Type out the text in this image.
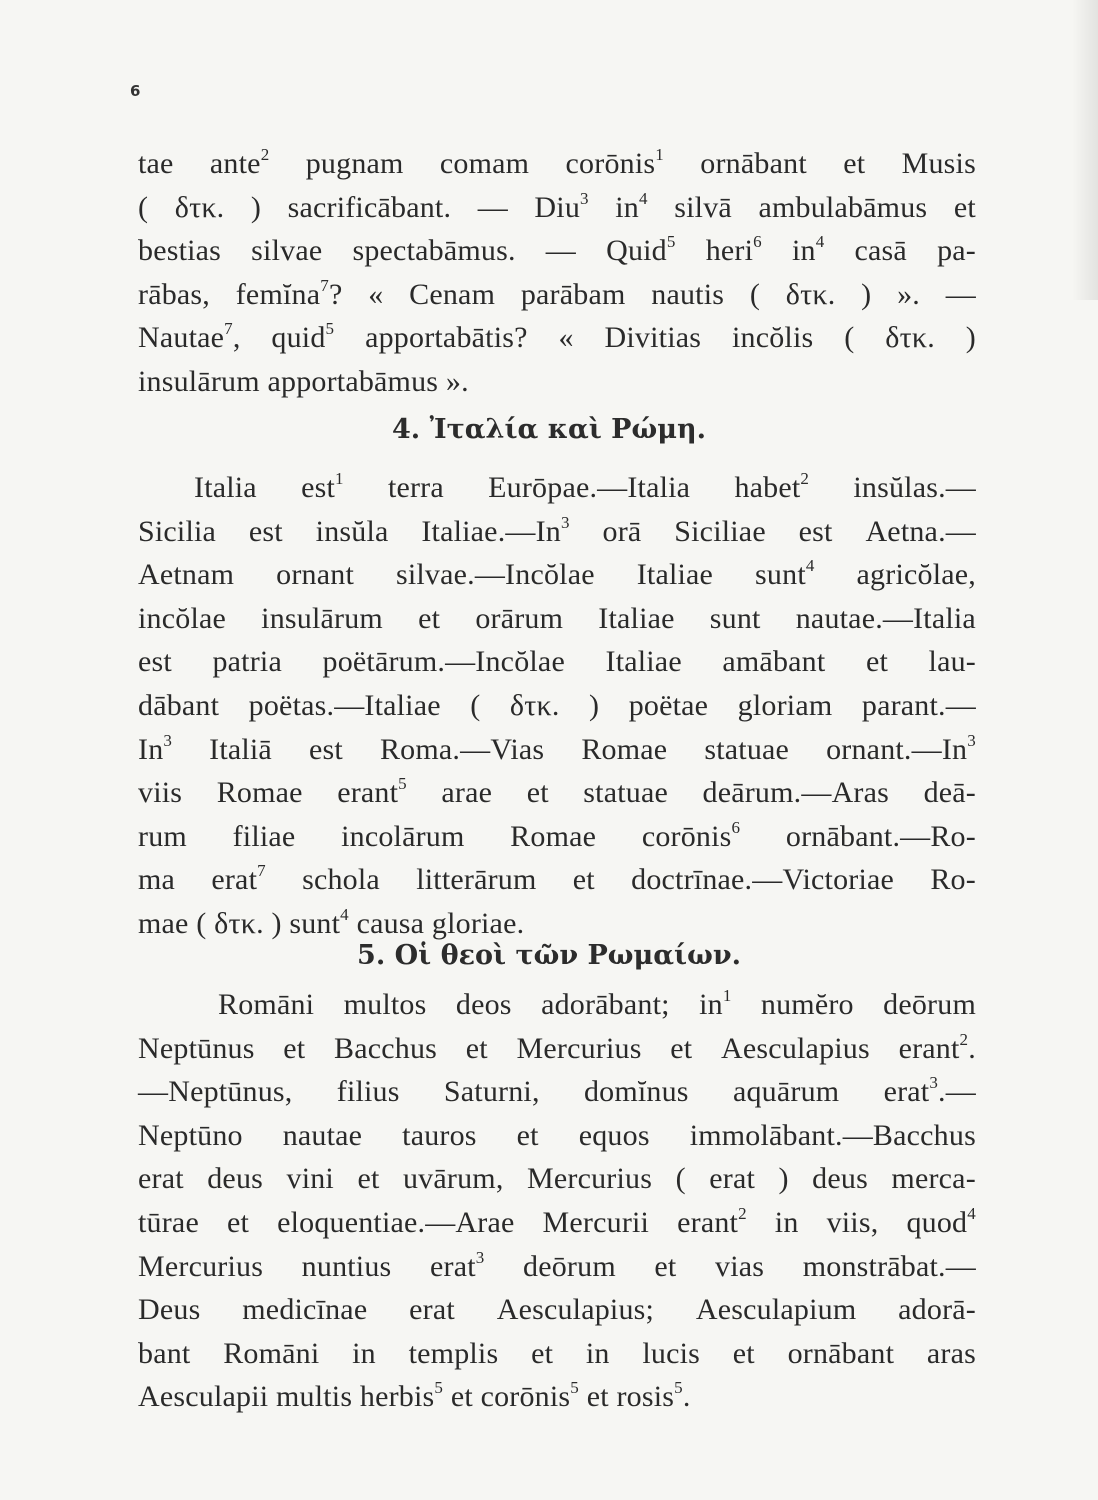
6
tae ante$^2$ pugnam comam corōnis$^1$ ornābant et Musis
( δτκ. ) sacrificābant. — Diu$^3$ $in^4$ silvā ambulabāmus et
bestias silvae spectabāmus. — Quid$^5$ heri$^6$ $in^4$ casā pa-
rābas, femĭna$^7$? « Cenam parābam nautis ( δτκ. ) ». —
Nautae$^7$, quid$^5$ apportabātis? « Divitias incŏlis ( δτκ. )
insulārum apportabāmus ».
4. Ἰταλία καὶ Ρώμη.
Italia est$^1$ terra Eurōpae.—Italia habet$^2$ insŭlas.—
Sicilia est insŭla Italiae.—In$^3$ orā Siciliae est Aetna.—
Aetnam ornant silvae.—Incŏlae Italiae sunt$^4$ agricŏlae,
incŏlae insulārum et orārum Italiae sunt nautae.—Italia
est patria poëtārum.—Incŏlae Italiae amābant et lau-
dābant poëtas.—Italiae ( δτκ. ) poëtae gloriam parant.—
In$^3$ Italiā est Roma.—Vias Romae statuae ornant.—In$^3$
viis Romae erant$^5$ arae et statuae deārum.—Aras deā-
rum filiae incolārum Romae corōnis$^6$ ornābant.—Ro-
ma erat$^7$ schola litterārum et doctrīnae.—Victoriae Ro-
mae ( δτκ. ) sunt$^4$ causa gloriae.
5. Οἱ θεοὶ τῶν Ρωμαίων.
Romāni multos deos adorābant; $in^1$ numĕro deōrum
Neptūnus et Bacchus et Mercurius et Aesculapius erant$^2$.
—Neptūnus, filius Saturni, domĭnus aquārum erat$^3$.—
Neptūno nautae tauros et equos immolābant.—Bacchus
erat deus vini et uvārum, Mercurius ( erat ) deus merca-
tūrae et eloquentiae.—Arae Mercurii erant$^2$ in viis, quod$^4$
Mercurius nuntius erat$^3$ deōrum et vias monstrābat.—
Deus medicīnae erat Aesculapius; Aesculapium adorā-
bant Romāni in templis et in lucis et ornābant aras
Aesculapii multis herbis$^5$ et corōnis$^5$ et rosis$^5$.
